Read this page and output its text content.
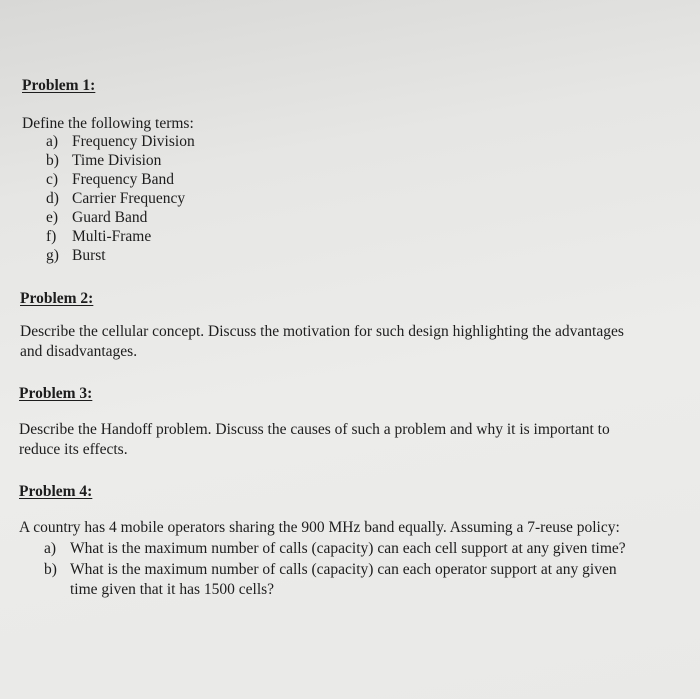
Problem 1:
Define the following terms:
a) Frequency Division
b) Time Division
c) Frequency Band
d) Carrier Frequency
e) Guard Band
f) Multi-Frame
g) Burst
Problem 2:
Describe the cellular concept. Discuss the motivation for such design highlighting the advantages
and disadvantages.
Problem 3:
Describe the Handoff problem. Discuss the causes of such a problem and why it is important to
reduce its effects.
Problem 4:
A country has 4 mobile operators sharing the 900 MHz band equally. Assuming a 7-reuse policy:
a) What is the maximum number of calls (capacity) can each cell support at any given time?
b) What is the maximum number of calls (capacity) can each operator support at any given
time given that it has 1500 cells?
